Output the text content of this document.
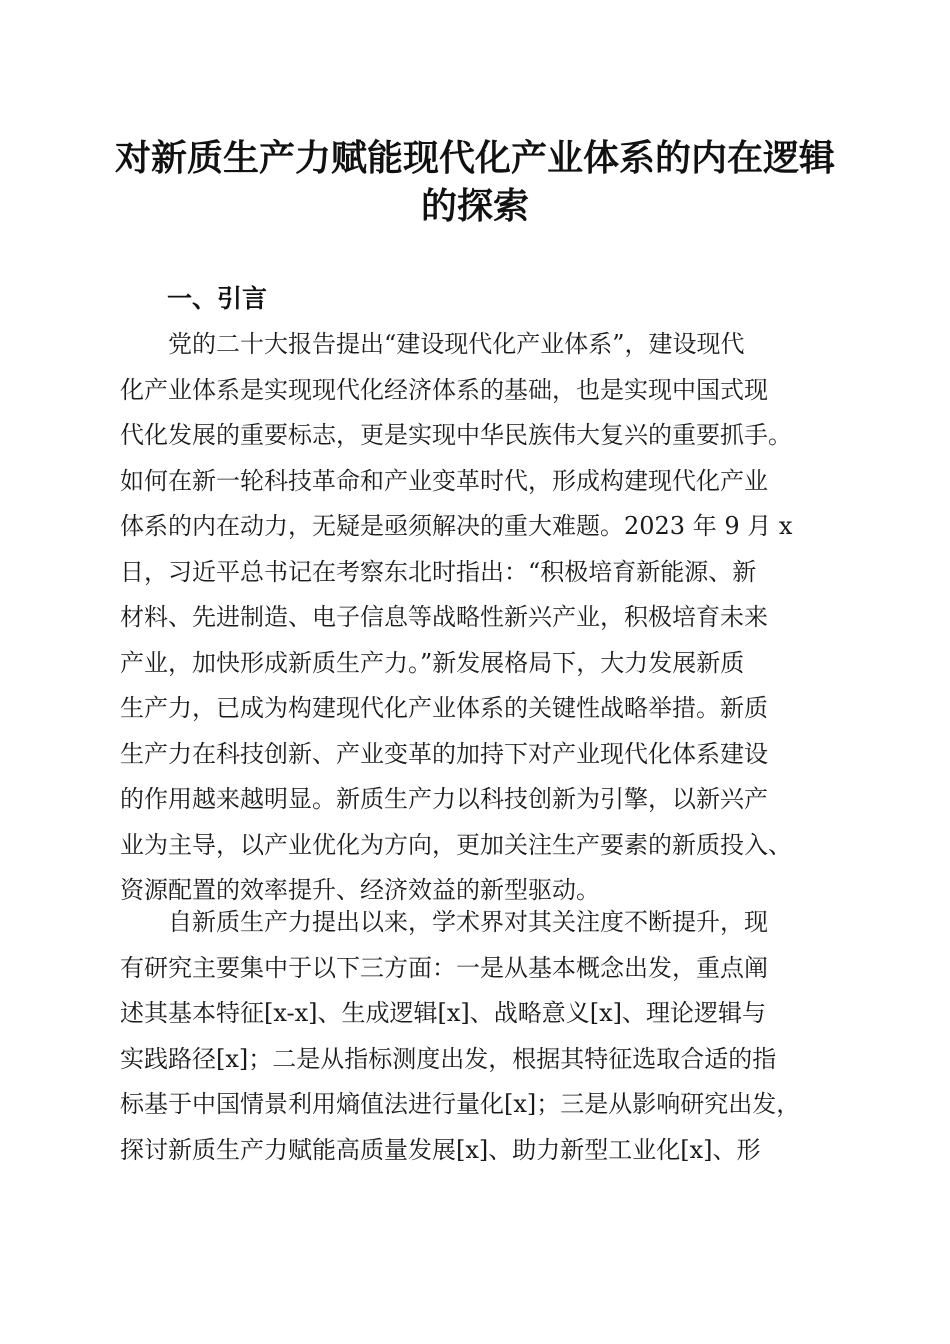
对新质生产力赋能现代化产业体系的内在逻辑
的探索
一、引言

党的二十大报告提出“建设现代化产业体系”，建设现代
化产业体系是实现现代化经济体系的基础，也是实现中国式现
代化发展的重要标志，更是实现中华民族伟大复兴的重要抓手。
如何在新一轮科技革命和产业变革时代，形成构建现代化产业
体系的内在动力，无疑是亟须解决的重大难题。2023 年 9 月 x
日，习近平总书记在考察东北时指出：“积极培育新能源、新
材料、先进制造、电子信息等战略性新兴产业，积极培育未来
产业，加快形成新质生产力。”新发展格局下，大力发展新质
生产力，已成为构建现代化产业体系的关键性战略举措。新质
生产力在科技创新、产业变革的加持下对产业现代化体系建设
的作用越来越明显。新质生产力以科技创新为引擎，以新兴产
业为主导，以产业优化为方向，更加关注生产要素的新质投入、
资源配置的效率提升、经济效益的新型驱动。

自新质生产力提出以来，学术界对其关注度不断提升，现
有研究主要集中于以下三方面：一是从基本概念出发，重点阐
述其基本特征[x-x]、生成逻辑[x]、战略意义[x]、理论逻辑与
实践路径[x]；二是从指标测度出发，根据其特征选取合适的指
标基于中国情景利用熵值法进行量化[x]；三是从影响研究出发，
探讨新质生产力赋能高质量发展[x]、助力新型工业化[x]、形
